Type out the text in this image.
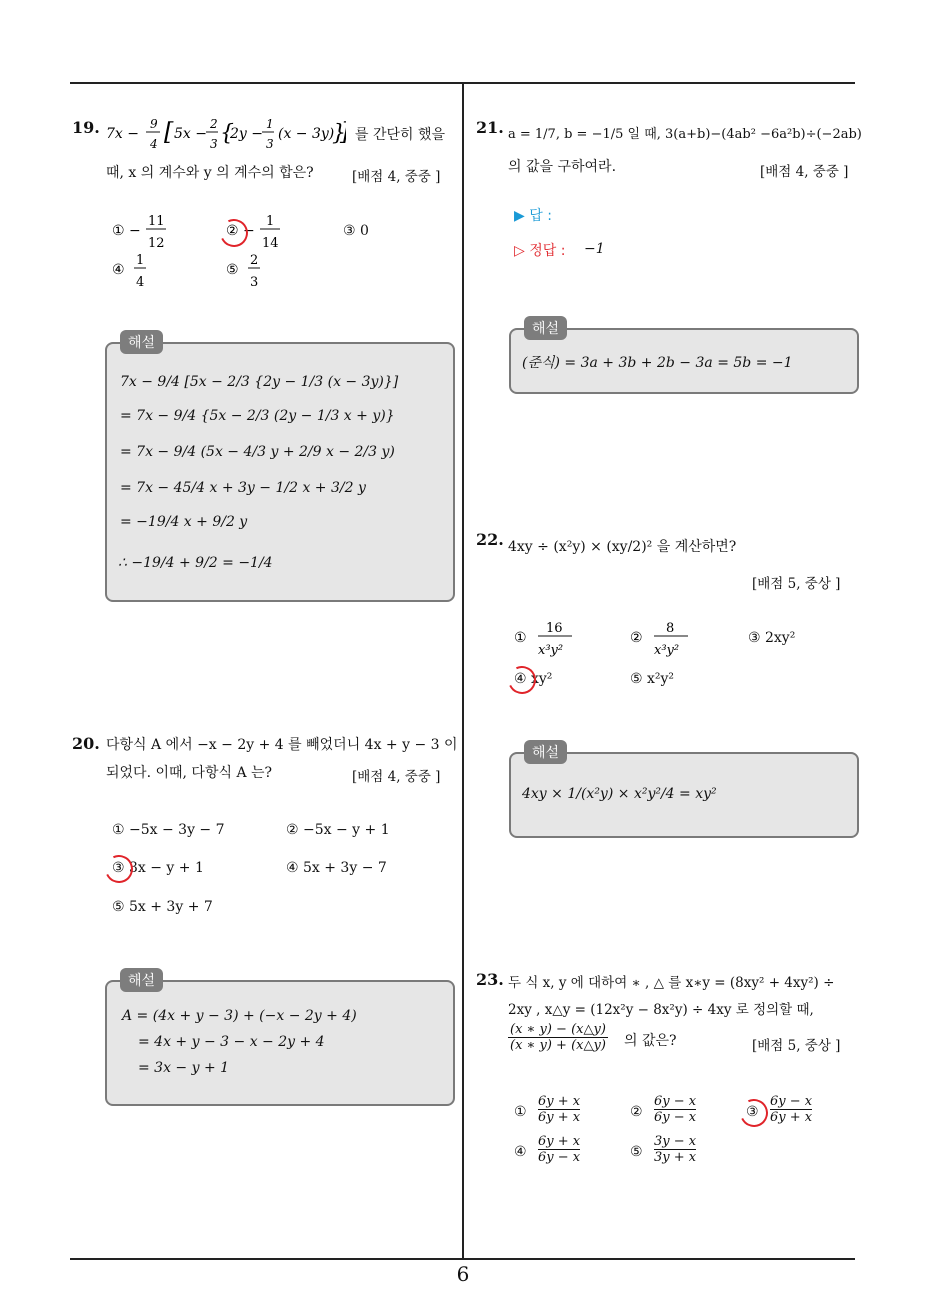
19. 7x −
9
4 [ 5x −
2
3 {
2y −
1
3
(x − 3y)
} 를 간단히 했을
때, x 의 계수와 y 의 계수의 합은?	[배점 4, 중중 ]
① −
11
12
② −
1
14
③ 0
④
1
4
⑤
2
3
해설
7x − 9/4 [5x − 2/3 {2y − 1/3 (x − 3y)}]
= 7x − 9/4 {5x − 2/3 (2y − 1/3 x + y)}
= 7x − 9/4 (5x − 4/3 y + 2/9 x − 2/3 y)
= 7x − 45/4 x + 3y − 1/2 x + 3/2 y
= −19/4 x + 9/2 y
∴ −19/4 + 9/2 = −1/4
20. 다항식 A 에서 −x − 2y + 4 를 빼었더니 4x + y − 3 이
되었다. 이때, 다항식 A 는?	[배점 4, 중중 ]
① −5x − 3y − 7	② −5x − y + 1
③ 3x − y + 1	④ 5x + 3y − 7
⑤ 5x + 3y + 7
해설
A = (4x + y − 3) + (−x − 2y + 4)
= 4x + y − 3 − x − 2y + 4
= 3x − y + 1
21. a = 1/7, b = −1/5 일 때, 3(a+b)−(4ab² −6a²b)÷(−2ab)
의 값을 구하여라.	[배점 4, 중중 ]
▶ 답 :
▷ 정답 : −1
해설
(준식) = 3a + 3b + 2b − 3a = 5b = −1
22. 4xy ÷ (x²y) × (xy/2)² 을 계산하면?
[배점 5, 중상 ]
①
16
x³y²
②
8
x³y²
③ 2xy²
④ xy²	⑤ x²y²
해설
4xy × 1/(x²y) × x²y²/4 = xy²
23. 두 식 x, y 에 대하여 ∗ , △ 를 x∗y = (8xy² + 4xy²) ÷
2xy , x△y = (12x²y − 8x²y) ÷ 4xy 로 정의할 때,
$\frac{(x ∗ y) - (x\triangle y)}{(x ∗ y) + (x\triangle y)}$ 의 값은?	[배점 5, 중상 ]
① $\frac{6y + x}{6y + x}$	② $\frac{6y - x}{6y - x}$	③ $\frac{6y - x}{6y + x}$
④ $\frac{6y + x}{6y - x}$	⑤ $\frac{3y - x}{3y + x}$
6
